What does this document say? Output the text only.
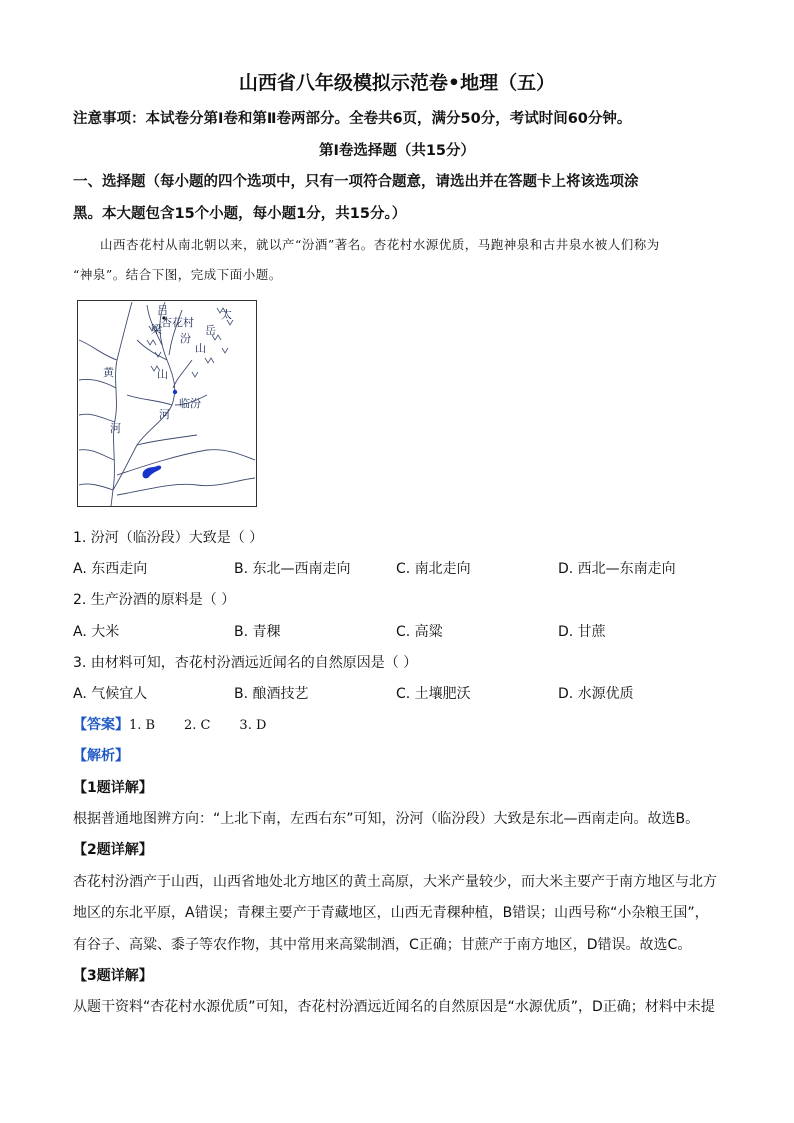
山西省八年级模拟示范卷•地理（五）
注意事项：本试卷分第Ⅰ卷和第Ⅱ卷两部分。全卷共6页，满分50分，考试时间60分钟。
第Ⅰ卷选择题（共15分）
一、选择题（每小题的四个选项中，只有一项符合题意，请选出并在答题卡上将该选项涂
黑。本大题包含15个小题，每小题1分，共15分。）
山西杏花村从南北朝以来，就以产“汾酒”著名。杏花村水源优质，马跑神泉和古井泉水被人们称为
“神泉”。结合下图，完成下面小题。
吕
梁
杏花村
太
岳
汾
山
黄	山
临汾
河
河
1. 汾河（临汾段）大致是（ ）
A. 东西走向	B. 东北—西南走向	C. 南北走向	D. 西北—东南走向
2. 生产汾酒的原料是（ ）
A. 大米	B. 青稞	C. 高粱	D. 甘蔗
3. 由材料可知，杏花村汾酒远近闻名的自然原因是（ ）
A. 气候宜人	B. 酿酒技艺	C. 土壤肥沃	D. 水源优质
【答案】1. B       2. C       3. D
【解析】
【1题详解】
根据普通地图辨方向：“上北下南，左西右东”可知，汾河（临汾段）大致是东北—西南走向。故选B。
【2题详解】
杏花村汾酒产于山西，山西省地处北方地区的黄土高原，大米产量较少，而大米主要产于南方地区与北方
地区的东北平原，A错误；青稞主要产于青藏地区，山西无青稞种植，B错误；山西号称“小杂粮王国”，
有谷子、高粱、黍子等农作物，其中常用来高粱制酒，C正确；甘蔗产于南方地区，D错误。故选C。
【3题详解】
从题干资料“杏花村水源优质”可知，杏花村汾酒远近闻名的自然原因是“水源优质”，D正确；材料中未提
